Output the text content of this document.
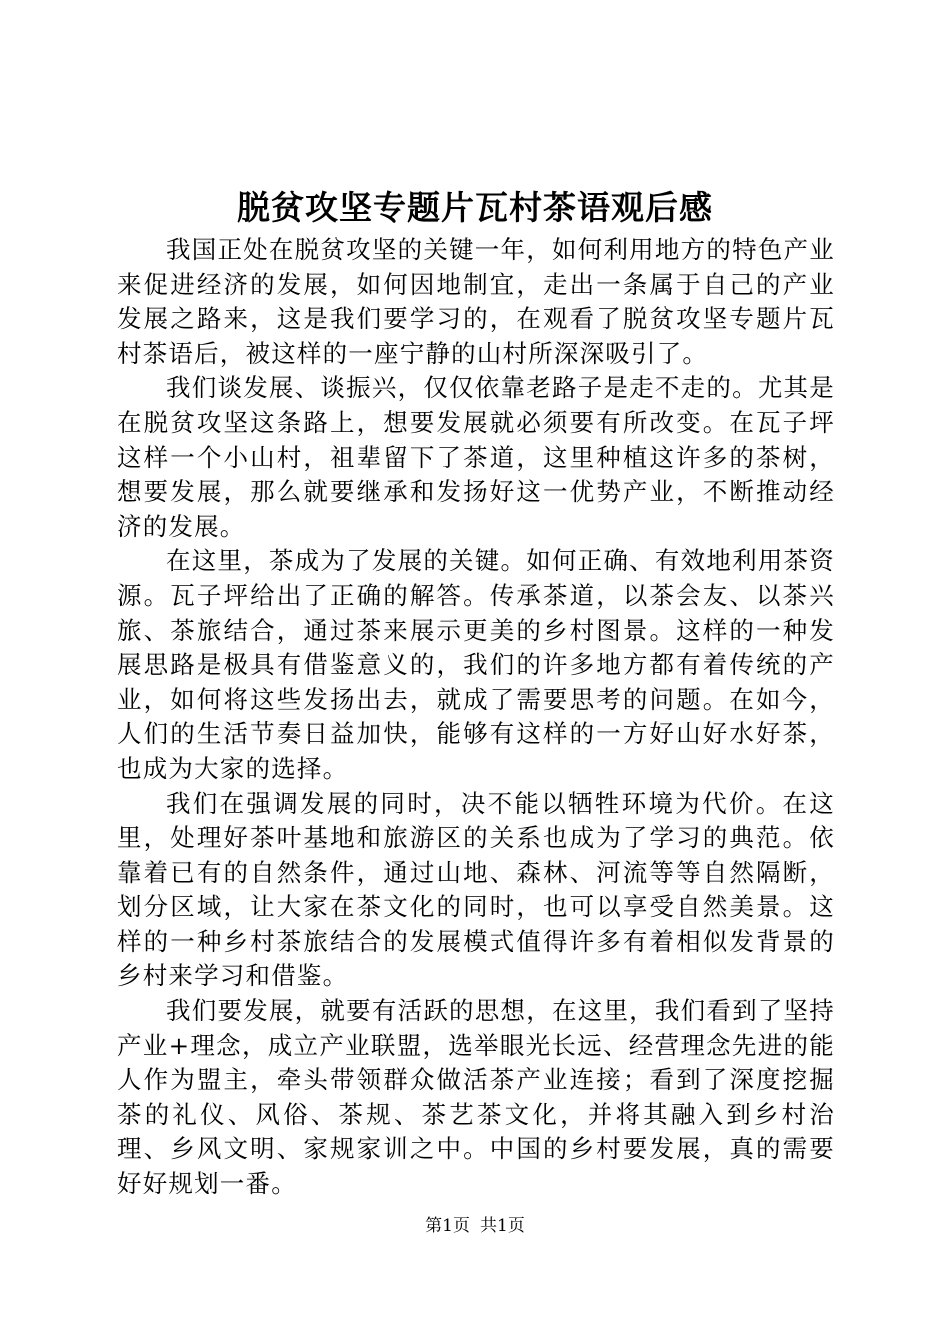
脱贫攻坚专题片瓦村茶语观后感

我国正处在脱贫攻坚的关键一年，如何利用地方的特色产业来促进经济的发展，如何因地制宜，走出一条属于自己的产业发展之路来，这是我们要学习的，在观看了脱贫攻坚专题片瓦村茶语后，被这样的一座宁静的山村所深深吸引了。

我们谈发展、谈振兴，仅仅依靠老路子是走不走的。尤其是在脱贫攻坚这条路上，想要发展就必须要有所改变。在瓦子坪这样一个小山村，祖辈留下了茶道，这里种植这许多的茶树，想要发展，那么就要继承和发扬好这一优势产业，不断推动经济的发展。

在这里，茶成为了发展的关键。如何正确、有效地利用茶资源。瓦子坪给出了正确的解答。传承茶道，以茶会友、以茶兴旅、茶旅结合，通过茶来展示更美的乡村图景。这样的一种发展思路是极具有借鉴意义的，我们的许多地方都有着传统的产业，如何将这些发扬出去，就成了需要思考的问题。在如今，人们的生活节奏日益加快，能够有这样的一方好山好水好茶，也成为大家的选择。

我们在强调发展的同时，决不能以牺牲环境为代价。在这里，处理好茶叶基地和旅游区的关系也成为了学习的典范。依靠着已有的自然条件，通过山地、森林、河流等等自然隔断，划分区域，让大家在茶文化的同时，也可以享受自然美景。这样的一种乡村茶旅结合的发展模式值得许多有着相似发背景的乡村来学习和借鉴。

我们要发展，就要有活跃的思想，在这里，我们看到了坚持产业+理念，成立产业联盟，选举眼光长远、经营理念先进的能人作为盟主，牵头带领群众做活茶产业连接；看到了深度挖掘茶的礼仪、风俗、茶规、茶艺茶文化，并将其融入到乡村治理、乡风文明、家规家训之中。中国的乡村要发展，真的需要好好规划一番。

第1页 共1页
